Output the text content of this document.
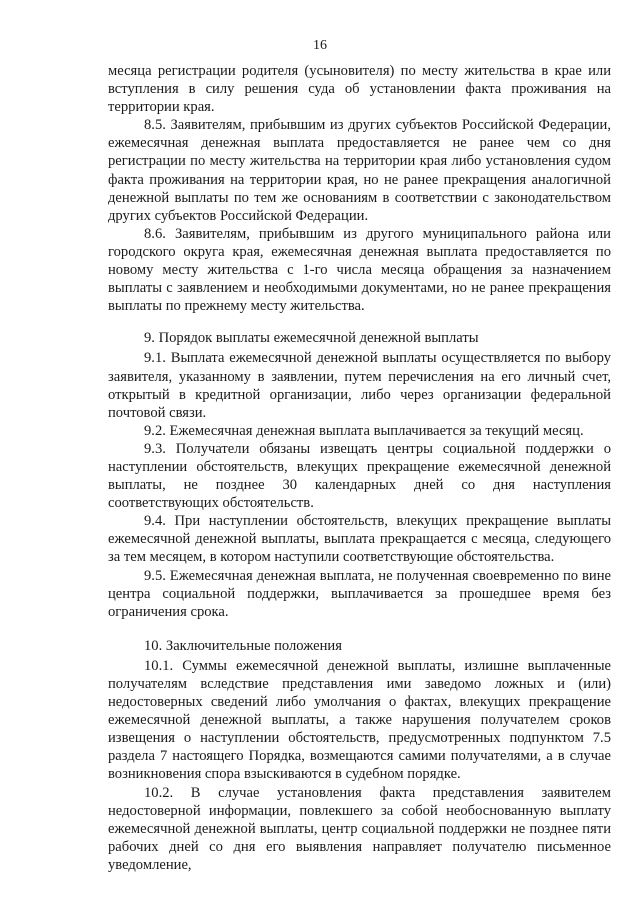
16

месяца регистрации родителя (усыновителя) по месту жительства в крае или вступления в силу решения суда об установлении факта проживания на территории края.

8.5. Заявителям, прибывшим из других субъектов Российской Федерации, ежемесячная денежная выплата предоставляется не ранее чем со дня регистрации по месту жительства на территории края либо установления судом факта проживания на территории края, но не ранее прекращения аналогичной денежной выплаты по тем же основаниям в соответствии с законодательством других субъектов Российской Федерации.

8.6. Заявителям, прибывшим из другого муниципального района или городского округа края, ежемесячная денежная выплата предоставляется по новому месту жительства с 1-го числа месяца обращения за назначением выплаты с заявлением и необходимыми документами, но не ранее прекращения выплаты по прежнему месту жительства.

9. Порядок выплаты ежемесячной денежной выплаты

9.1. Выплата ежемесячной денежной выплаты осуществляется по выбору заявителя, указанному в заявлении, путем перечисления на его личный счет, открытый в кредитной организации, либо через организации федеральной почтовой связи.

9.2. Ежемесячная денежная выплата выплачивается за текущий месяц.

9.3. Получатели обязаны извещать центры социальной поддержки о наступлении обстоятельств, влекущих прекращение ежемесячной денежной выплаты, не позднее 30 календарных дней со дня наступления соответствующих обстоятельств.

9.4. При наступлении обстоятельств, влекущих прекращение выплаты ежемесячной денежной выплаты, выплата прекращается с месяца, следующего за тем месяцем, в котором наступили соответствующие обстоятельства.

9.5. Ежемесячная денежная выплата, не полученная своевременно по вине центра социальной поддержки, выплачивается за прошедшее время без ограничения срока.

10. Заключительные положения

10.1. Суммы ежемесячной денежной выплаты, излишне выплаченные получателям вследствие представления ими заведомо ложных и (или) недостоверных сведений либо умолчания о фактах, влекущих прекращение ежемесячной денежной выплаты, а также нарушения получателем сроков извещения о наступлении обстоятельств, предусмотренных подпунктом 7.5 раздела 7 настоящего Порядка, возмещаются самими получателями, а в случае возникновения спора взыскиваются в судебном порядке.

10.2. В случае установления факта представления заявителем недостоверной информации, повлекшего за собой необоснованную выплату ежемесячной денежной выплаты, центр социальной поддержки не позднее пяти рабочих дней со дня его выявления направляет получателю письменное уведомление,
